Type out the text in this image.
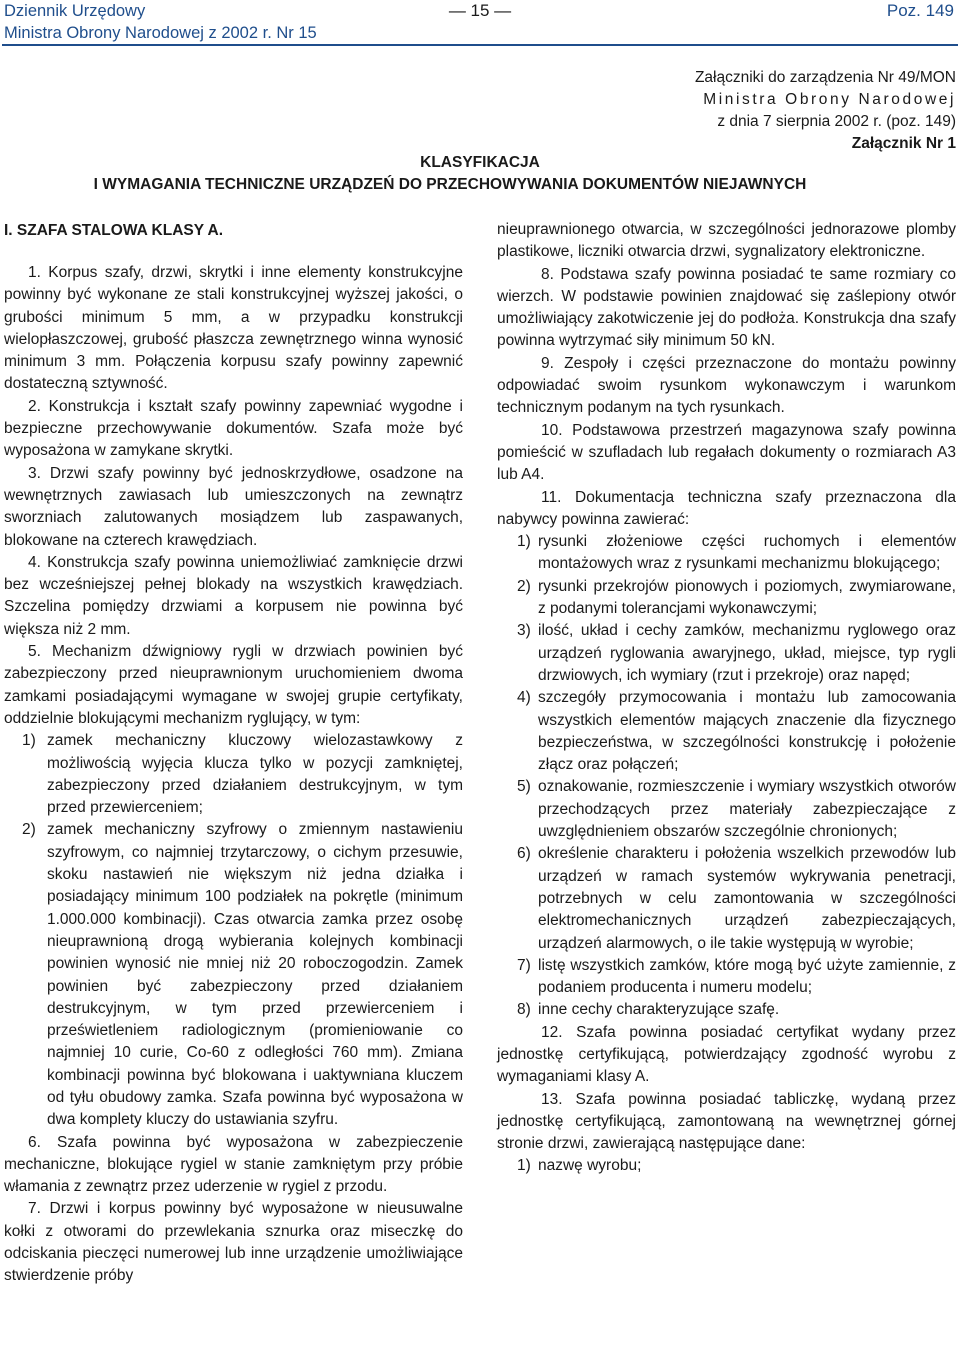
Dziennik Urzędowy
Ministra Obrony Narodowej z 2002 r. Nr 15
— 15 —	Poz. 149
Załączniki do zarządzenia Nr 49/MON
Ministra Obrony Narodowej
z dnia 7 sierpnia 2002 r. (poz. 149)
Załącznik Nr 1
KLASYFIKACJA
I WYMAGANIA TECHNICZNE URZĄDZEŃ DO PRZECHOWYWANIA DOKUMENTÓW NIEJAWNYCH
I. SZAFA STALOWA KLASY A.

1. Korpus szafy, drzwi, skrytki i inne elementy konstrukcyjne powinny być wykonane ze stali konstrukcyjnej wyższej jakości, o grubości minimum 5 mm, a w przypadku konstrukcji wielopłaszczowej, grubość płaszcza zewnętrznego winna wynosić minimum 3 mm. Połączenia korpusu szafy powinny zapewnić dostateczną sztywność.

2. Konstrukcja i kształt szafy powinny zapewniać wygodne i bezpieczne przechowywanie dokumentów. Szafa może być wyposażona w zamykane skrytki.

3. Drzwi szafy powinny być jednoskrzydłowe, osadzone na wewnętrznych zawiasach lub umieszczonych na zewnątrz sworzniach zalutowanych mosiądzem lub zaspawanych, blokowane na czterech krawędziach.

4. Konstrukcja szafy powinna uniemożliwiać zamknięcie drzwi bez wcześniejszej pełnej blokady na wszystkich krawędziach. Szczelina pomiędzy drzwiami a korpusem nie powinna być większa niż 2 mm.

5. Mechanizm dźwigniowy rygli w drzwiach powinien być zabezpieczony przed nieuprawnionym uruchomieniem dwoma zamkami posiadającymi wymagane w swojej grupie certyfikaty, oddzielnie blokującymi mechanizm ryglujący, w tym:

1) zamek mechaniczny kluczowy wielozastawkowy z możliwością wyjęcia klucza tylko w pozycji zamkniętej, zabezpieczony przed działaniem destrukcyjnym, w tym przed przewierceniem;
2) zamek mechaniczny szyfrowy o zmiennym nastawieniu szyfrowym, co najmniej trzytarczowy, o cichym przesuwie, skoku nastawień nie większym niż jedna działka i posiadający minimum 100 podziałek na pokrętle (minimum 1.000.000 kombinacji). Czas otwarcia zamka przez osobę nieuprawnioną drogą wybierania kolejnych kombinacji powinien wynosić nie mniej niż 20 roboczogodzin. Zamek powinien być zabezpieczony przed działaniem destrukcyjnym, w tym przed przewierceniem i prześwietleniem radiologicznym (promieniowanie co najmniej 10 curie, Co-60 z odległości 760 mm). Zmiana kombinacji powinna być blokowana i uaktywniana kluczem od tyłu obudowy zamka. Szafa powinna być wyposażona w dwa komplety kluczy do ustawiania szyfru.

6. Szafa powinna być wyposażona w zabezpieczenie mechaniczne, blokujące rygiel w stanie zamkniętym przy próbie włamania z zewnątrz przez uderzenie w rygiel z przodu.

7. Drzwi i korpus powinny być wyposażone w nieusuwalne kołki z otworami do przewlekania sznurka oraz miseczkę do odciskania pieczęci numerowej lub inne urządzenie umożliwiające stwierdzenie próby

nieuprawnionego otwarcia, w szczególności jednorazowe plomby plastikowe, liczniki otwarcia drzwi, sygnalizatory elektroniczne.

8. Podstawa szafy powinna posiadać te same rozmiary co wierzch. W podstawie powinien znajdować się zaślepiony otwór umożliwiający zakotwiczenie jej do podłoża. Konstrukcja dna szafy powinna wytrzymać siły minimum 50 kN.

9. Zespoły i części przeznaczone do montażu powinny odpowiadać swoim rysunkom wykonawczym i warunkom technicznym podanym na tych rysunkach.

10. Podstawowa przestrzeń magazynowa szafy powinna pomieścić w szufladach lub regałach dokumenty o rozmiarach A3 lub A4.

11. Dokumentacja techniczna szafy przeznaczona dla nabywcy powinna zawierać:

1) rysunki złożeniowe części ruchomych i elementów montażowych wraz z rysunkami mechanizmu blokującego;
2) rysunki przekrojów pionowych i poziomych, zwymiarowane, z podanymi tolerancjami wykonawczymi;
3) ilość, układ i cechy zamków, mechanizmu ryglowego oraz urządzeń ryglowania awaryjnego, układ, miejsce, typ rygli drzwiowych, ich wymiary (rzut i przekroje) oraz napęd;
4) szczegóły przymocowania i montażu lub zamocowania wszystkich elementów mających znaczenie dla fizycznego bezpieczeństwa, w szczególności konstrukcję i położenie złącz oraz połączeń;
5) oznakowanie, rozmieszczenie i wymiary wszystkich otworów przechodzących przez materiały zabezpieczające z uwzględnieniem obszarów szczególnie chronionych;
6) określenie charakteru i położenia wszelkich przewodów lub urządzeń w ramach systemów wykrywania penetracji, potrzebnych w celu zamontowania w szczególności elektromechanicznych urządzeń zabezpieczających, urządzeń alarmowych, o ile takie występują w wyrobie;
7) listę wszystkich zamków, które mogą być użyte zamiennie, z podaniem producenta i numeru modelu;
8) inne cechy charakteryzujące szafę.

12. Szafa powinna posiadać certyfikat wydany przez jednostkę certyfikującą, potwierdzający zgodność wyrobu z wymaganiami klasy A.

13. Szafa powinna posiadać tabliczkę, wydaną przez jednostkę certyfikującą, zamontowaną na wewnętrznej górnej stronie drzwi, zawierającą następujące dane:

1) nazwę wyrobu;
